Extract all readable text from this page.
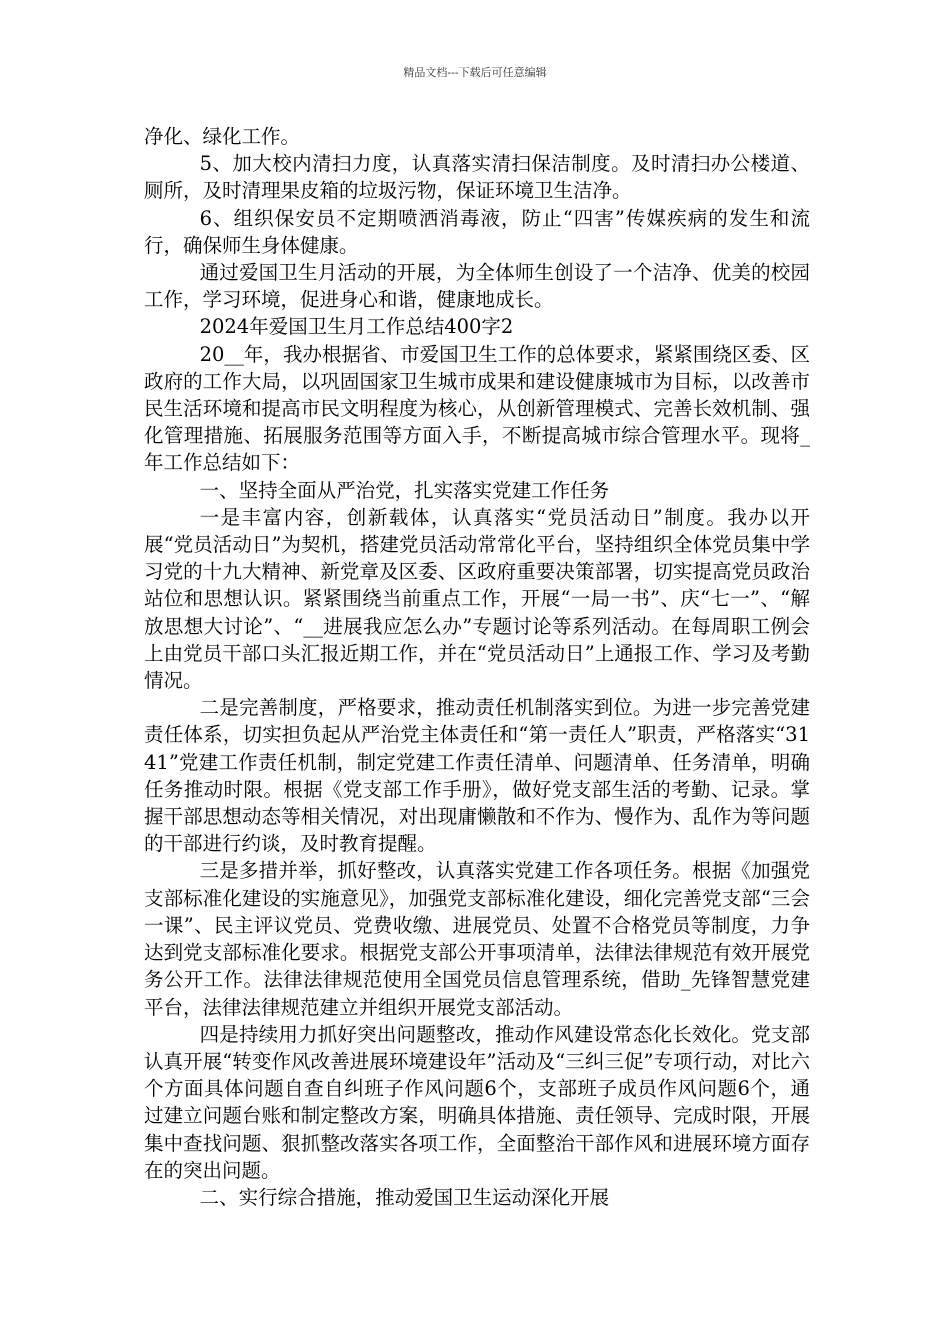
精品文档---下载后可任意编辑

净化、绿化工作。

5、加大校内清扫力度，认真落实清扫保洁制度。及时清扫办公楼道、厕所，及时清理果皮箱的垃圾污物，保证环境卫生洁净。

6、组织保安员不定期喷洒消毒液，防止“四害”传媒疾病的发生和流行，确保师生身体健康。

通过爱国卫生月活动的开展，为全体师生创设了一个洁净、优美的校园工作，学习环境，促进身心和谐，健康地成长。

2024年爱国卫生月工作总结400字2

20__年，我办根据省、市爱国卫生工作的总体要求，紧紧围绕区委、区政府的工作大局，以巩固国家卫生城市成果和建设健康城市为目标，以改善市民生活环境和提高市民文明程度为核心，从创新管理模式、完善长效机制、强化管理措施、拓展服务范围等方面入手，不断提高城市综合管理水平。现将_年工作总结如下：

一、坚持全面从严治党，扎实落实党建工作任务

一是丰富内容，创新载体，认真落实“党员活动日”制度。我办以开展“党员活动日”为契机，搭建党员活动常常化平台，坚持组织全体党员集中学习党的十九大精神、新党章及区委、区政府重要决策部署，切实提高党员政治站位和思想认识。紧紧围绕当前重点工作，开展“一局一书”、庆“七一”、“解放思想大讨论”、“__进展我应怎么办”专题讨论等系列活动。在每周职工例会上由党员干部口头汇报近期工作，并在“党员活动日”上通报工作、学习及考勤情况。

二是完善制度，严格要求，推动责任机制落实到位。为进一步完善党建责任体系，切实担负起从严治党主体责任和“第一责任人”职责，严格落实“3141”党建工作责任机制，制定党建工作责任清单、问题清单、任务清单，明确任务推动时限。根据《党支部工作手册》，做好党支部生活的考勤、记录。掌握干部思想动态等相关情况，对出现庸懒散和不作为、慢作为、乱作为等问题的干部进行约谈，及时教育提醒。

三是多措并举，抓好整改，认真落实党建工作各项任务。根据《加强党支部标准化建设的实施意见》，加强党支部标准化建设，细化完善党支部“三会一课”、民主评议党员、党费收缴、进展党员、处置不合格党员等制度，力争达到党支部标准化要求。根据党支部公开事项清单，法律法律规范有效开展党务公开工作。法律法律规范使用全国党员信息管理系统，借助_先锋智慧党建平台，法律法律规范建立并组织开展党支部活动。

四是持续用力抓好突出问题整改，推动作风建设常态化长效化。党支部认真开展“转变作风改善进展环境建设年”活动及“三纠三促”专项行动，对比六个方面具体问题自查自纠班子作风问题6个，支部班子成员作风问题6个，通过建立问题台账和制定整改方案，明确具体措施、责任领导、完成时限，开展集中查找问题、狠抓整改落实各项工作，全面整治干部作风和进展环境方面存在的突出问题。

二、实行综合措施，推动爱国卫生运动深化开展
